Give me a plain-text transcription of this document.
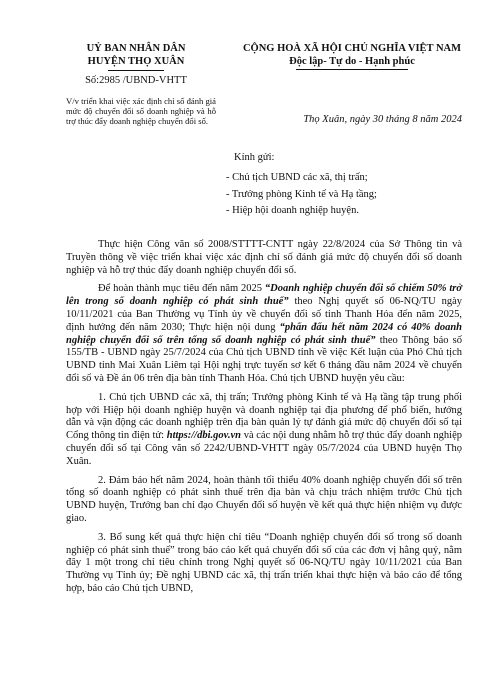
UỶ BAN NHÂN DÂN
HUYỆN THỌ XUÂN
Số:2985 /UBND-VHTT
CỘNG HOÀ XÃ HỘI CHỦ NGHĨA VIỆT NAM
Độc lập- Tự do - Hạnh phúc
V/v triển khai việc xác định chỉ số đánh giá mức độ chuyển đổi số doanh nghiệp và hỗ trợ thúc đẩy doanh nghiệp chuyển đổi số.	Thọ Xuân, ngày 30 tháng 8 năm 2024
Kính gửi:
- Chủ tịch UBND các xã, thị trấn;
- Trưởng phòng Kinh tế và Hạ tầng;
- Hiệp hội doanh nghiệp huyện.

Thực hiện Công văn số 2008/STTTT-CNTT ngày 22/8/2024 của Sở Thông tin và Truyền thông về việc triển khai việc xác định chỉ số đánh giá mức độ chuyển đổi số doanh nghiệp và hỗ trợ thúc đẩy doanh nghiệp chuyển đổi số.

Để hoàn thành mục tiêu đến năm 2025 “Doanh nghiệp chuyển đổi số chiếm 50% trở lên trong số doanh nghiệp có phát sinh thuế” theo Nghị quyết số 06-NQ/TU ngày 10/11/2021 của Ban Thường vụ Tỉnh ủy về chuyển đổi số tỉnh Thanh Hóa đến năm 2025, định hướng đến năm 2030; Thực hiện nội dung “phấn đấu hết năm 2024 có 40% doanh nghiệp chuyển đổi số trên tổng số doanh nghiệp có phát sinh thuế” theo Thông báo số 155/TB - UBND ngày 25/7/2024 của Chủ tịch UBND tỉnh về việc Kết luận của Phó Chủ tịch UBND tỉnh Mai Xuân Liêm tại Hội nghị trực tuyến sơ kết 6 tháng đầu năm 2024 về chuyển đổi số và Đề án 06 trên địa bàn tỉnh Thanh Hóa. Chủ tịch UBND huyện yêu cầu:

1. Chủ tịch UBND các xã, thị trấn; Trưởng phòng Kinh tế và Hạ tầng tập trung phối hợp với Hiệp hội doanh nghiệp huyện và doanh nghiệp tại địa phương để phổ biến, hướng dẫn và vận động các doanh nghiệp trên địa bàn quản lý tự đánh giá mức độ chuyển đổi số tại Cổng thông tin điện tử: https://dbi.gov.vn và các nội dung nhằm hỗ trợ thúc đẩy doanh nghiệp chuyển đổi số tại Công văn số 2242/UBND-VHTT ngày 05/7/2024 của UBND huyện Thọ Xuân.

2. Đảm bảo hết năm 2024, hoàn thành tối thiểu 40% doanh nghiệp chuyển đổi số trên tổng số doanh nghiệp có phát sinh thuế trên địa bàn và chịu trách nhiệm trước Chủ tịch UBND huyện, Trưởng ban chỉ đạo Chuyển đổi số huyện về kết quả thực hiện nhiệm vụ được giao.

3. Bổ sung kết quả thực hiện chỉ tiêu “Doanh nghiệp chuyển đổi số trong số doanh nghiệp có phát sinh thuế” trong báo cáo kết quả chuyển đổi số của các đơn vị hằng quý, nằm đây 1 một trong chỉ tiêu chính trong Nghị quyết số 06-NQ/TU ngày 10/11/2021 của Ban Thường vụ Tỉnh ủy; Đề nghị UBND các xã, thị trấn triển khai thực hiện và báo cáo để tổng hợp, báo cáo Chủ tịch UBND,
